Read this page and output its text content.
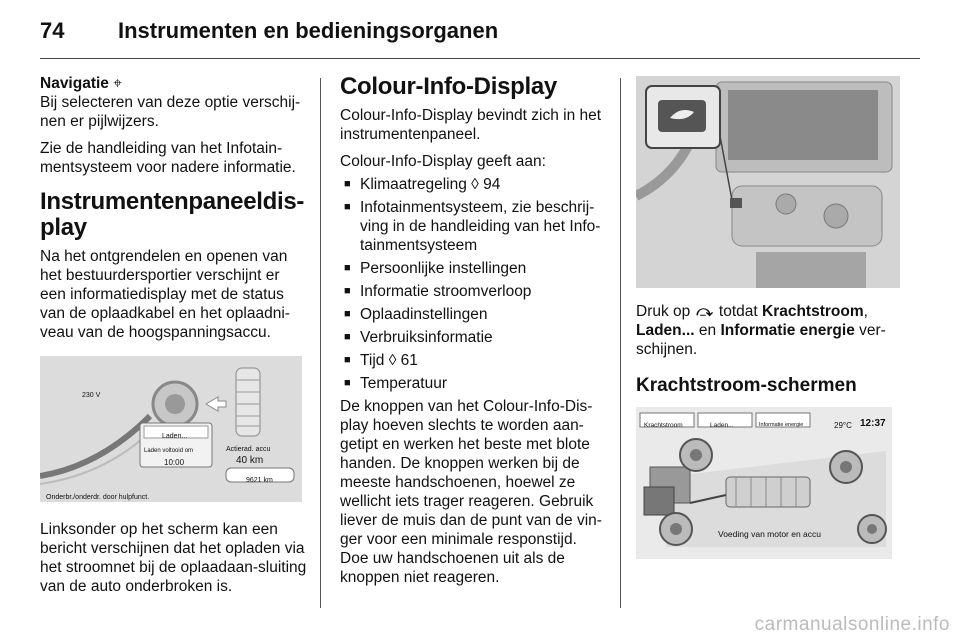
74 Instrumenten en bedieningsorganen

Navigatie ⌖

Bij selecteren van deze optie verschij-nen er pijlwijzers.

Zie de handleiding van het Infotain-mentsysteem voor nadere informatie.

Instrumentenpaneeldis-play

Na het ontgrendelen en openen van het bestuurdersportier verschijnt er een informatiedisplay met de status van de oplaadkabel en het oplaadni-veau van de hoogspanningsaccu.

230 V
Laden...
Laden voltooid om
10:00
Actierad. accu
40 km
9621 km
Onderbr./onderdr. door hulpfunct.

Linksonder op het scherm kan een bericht verschijnen dat het opladen via het stroomnet bij de oplaadaan-sluiting van de auto onderbroken is.

Colour-Info-Display

Colour-Info-Display bevindt zich in het instrumentenpaneel.

Colour-Info-Display geeft aan:

■ Klimaatregeling ◊ 94
■ Infotainmentsysteem, zie beschrij-ving in de handleiding van het Info-tainmentsysteem
■ Persoonlijke instellingen
■ Informatie stroomverloop
■ Oplaadinstellingen
■ Verbruiksinformatie
■ Tijd ◊ 61
■ Temperatuur

De knoppen van het Colour-Info-Dis-play hoeven slechts te worden aan-getipt en werken het beste met blote handen. De knoppen werken bij de meeste handschoenen, hoewel ze wellicht iets trager reageren. Gebruik liever de muis dan de punt van de vin-ger voor een minimale responstijd. Doe uw handschoenen uit als de knoppen niet reageren.

Druk op ⤼ totdat Krachtstroom, Laden... en Informatie energie ver-schijnen.

Krachtstroom-schermen
Krachtstroom	Laden...	Informatie energie	29°C 12:37
Voeding van motor en accu
carmanualsonline.info
